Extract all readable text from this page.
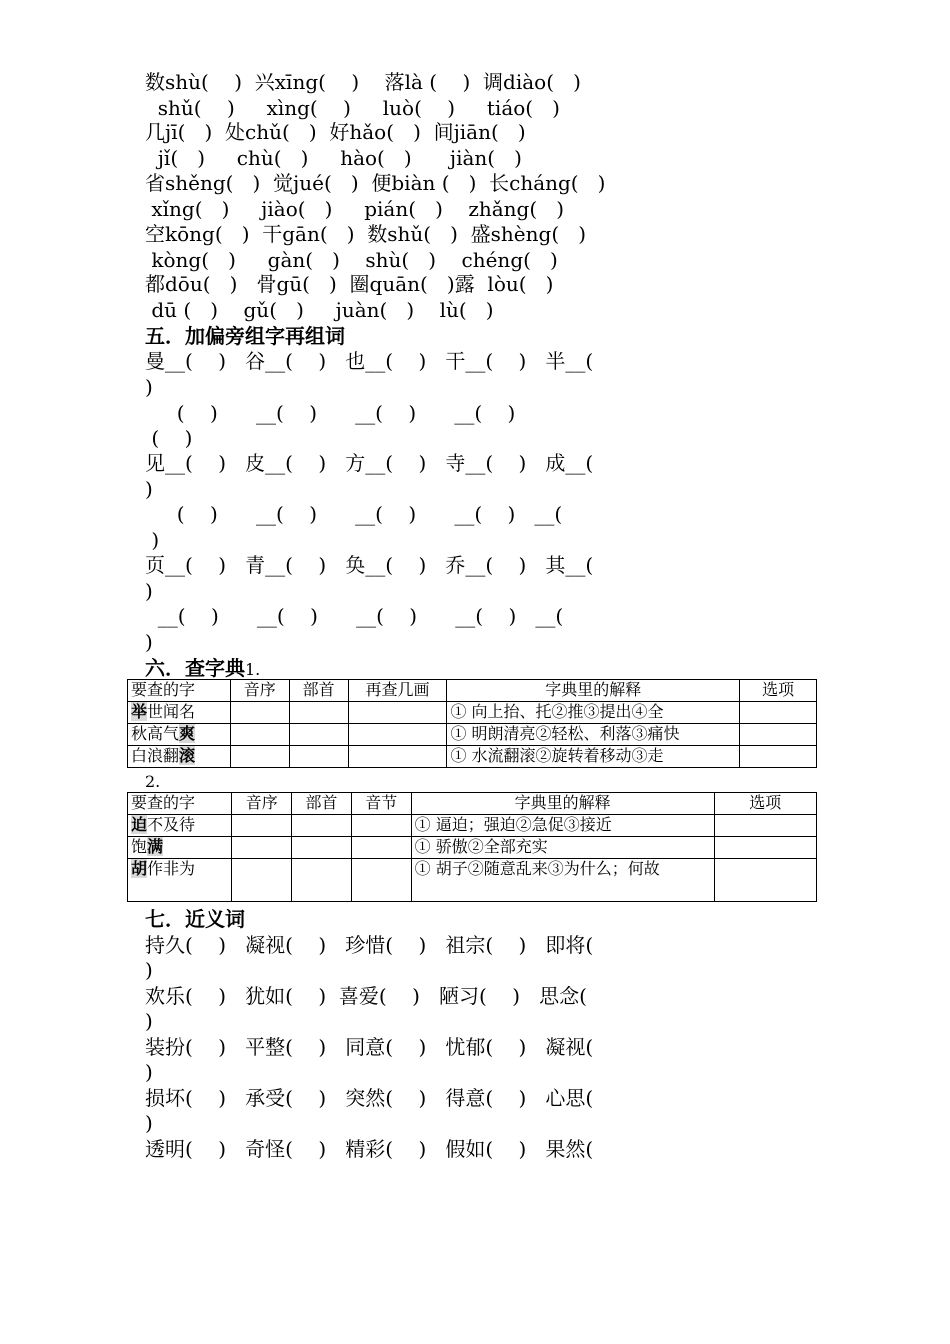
数shù(    )  兴xīng(    )    落là (    )  调diào(   )
shǔ(    )     xìng(    )     luò(    )     tiáo(   )
几jī(   )  处chǔ(   )  好hǎo(   )  间jiān(   )
jǐ(   )     chù(   )     hào(   )      jiàn(   )
省shěng(   )  觉jué(   )  便biàn (   )  长cháng(   )
xǐng(   )     jiào(   )     pián(   )    zhǎng(   )
空kōng(   )  干gān(   )  数shǔ(   )  盛shèng(   )
kòng(   )     gàn(   )    shù(   )    chéng(   )
都dōu(   )   骨gū(   )  圈quān(   )露  lòu(   )
dū (   )    gǔ(   )     juàn(   )    lù(   )
五．加偏旁组字再组词
曼__(    )   谷__(    )   也__(    )   干__(    )   半__(
)
(    )      __(    )      __(    )      __(    )
(    )
见__(    )   皮__(    )   方__(    )   寺__(    )   成__(
)
(    )      __(    )      __(    )      __(    )   __(
)
页__(    )   青__(    )   奂__(    )   乔__(    )   其__(
)
__(    )      __(    )      __(    )      __(    )   __(
)
六．查字典1.
要查的字	音序	部首	再查几画	字典里的解释	选项
举世闻名				① 向上抬、托②推③提出④全	
秋高气爽				① 明朗清亮②轻松、利落③痛快	
白浪翻滚				① 水流翻滚②旋转着移动③走	
2.
要查的字	音序	部首	音节	字典里的解释	选项
迫不及待				① 逼迫；强迫②急促③接近	
饱满				① 骄傲②全部充实	
胡作非为				① 胡子②随意乱来③为什么；何故	
七．近义词
持久(    )   凝视(    )   珍惜(    )   祖宗(    )   即将(
)
欢乐(    )   犹如(    )  喜爱(    )   陋习(    )   思念(
)
装扮(    )   平整(    )   同意(    )   忧郁(    )   凝视(
)
损坏(    )   承受(    )   突然(    )   得意(    )   心思(
)
透明(    )   奇怪(    )   精彩(    )   假如(    )   果然(
